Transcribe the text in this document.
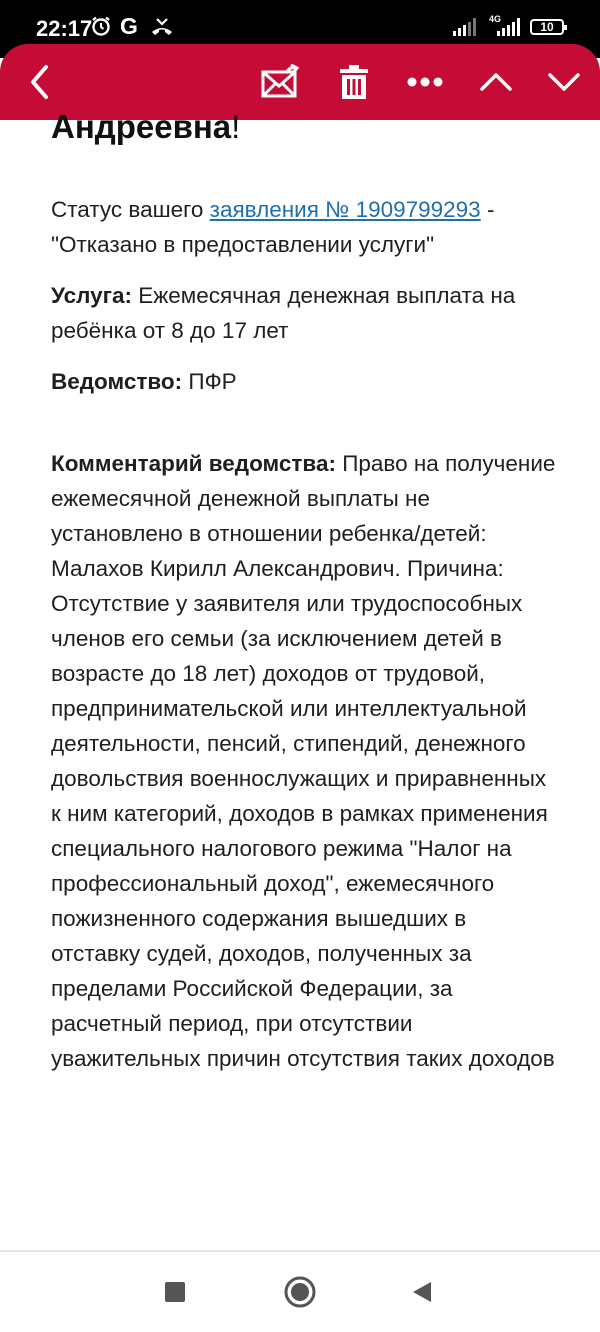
22:17 G	4G
10
Андреевна!
Статус вашего заявления № 1909799293 - "Отказано в предоставлении услуги"
Услуга: Ежемесячная денежная выплата на ребёнка от 8 до 17 лет
Ведомство: ПФР
Комментарий ведомства: Право на получение ежемесячной денежной выплаты не установлено в отношении ребенка/детей: Малахов Кирилл Александрович. Причина: Отсутствие у заявителя или трудоспособных членов его семьи (за исключением детей в возрасте до 18 лет) доходов от трудовой, предпринимательской или интеллектуальной деятельности, пенсий, стипендий, денежного довольствия военнослужащих и приравненных к ним категорий, доходов в рамках применения специального налогового режима "Налог на профессиональный доход", ежемесячного пожизненного содержания вышедших в отставку судей, доходов, полученных за пределами Российской Федерации, за расчетный период, при отсутствии уважительных причин отсутствия таких доходов
